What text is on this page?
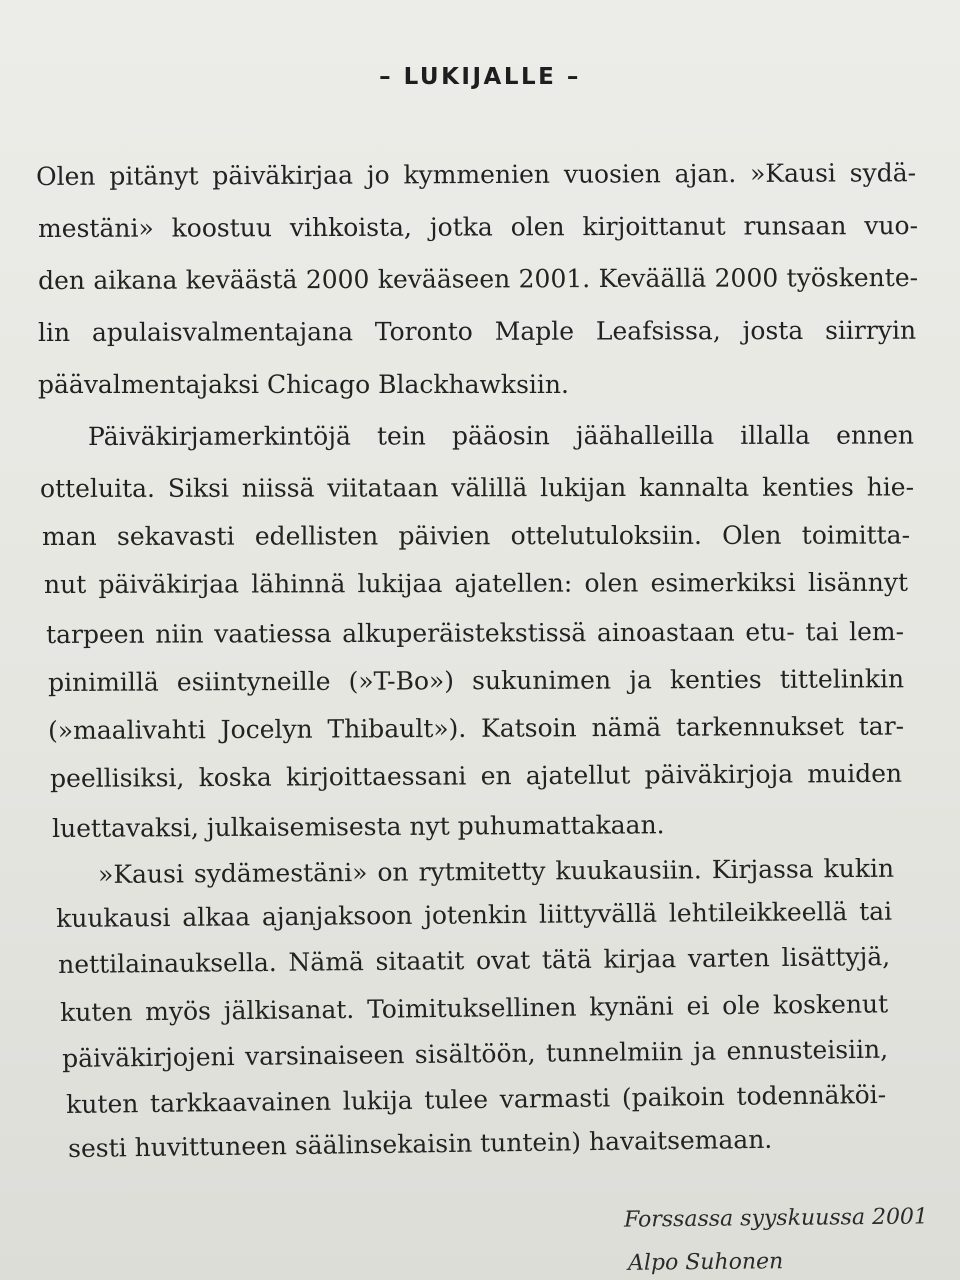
– LUKIJALLE –
Olen pitänyt päiväkirjaa jo kymmenien vuosien ajan. »Kausi sydä-
mestäni» koostuu vihkoista, jotka olen kirjoittanut runsaan vuo-
den aikana keväästä 2000 kevääseen 2001. Keväällä 2000 työskente-
lin apulaisvalmentajana Toronto Maple Leafsissa, josta siirryin
päävalmentajaksi Chicago Blackhawksiin.
Päiväkirjamerkintöjä tein pääosin jäähalleilla illalla ennen
otteluita. Siksi niissä viitataan välillä lukijan kannalta kenties hie-
man sekavasti edellisten päivien ottelutuloksiin. Olen toimitta-
nut päiväkirjaa lähinnä lukijaa ajatellen: olen esimerkiksi lisännyt
tarpeen niin vaatiessa alkuperäistekstissä ainoastaan etu- tai lem-
pinimillä esiintyneille (»T-Bo») sukunimen ja kenties tittelinkin
(»maalivahti Jocelyn Thibault»). Katsoin nämä tarkennukset tar-
peellisiksi, koska kirjoittaessani en ajatellut päiväkirjoja muiden
luettavaksi, julkaisemisesta nyt puhumattakaan.
»Kausi sydämestäni» on rytmitetty kuukausiin. Kirjassa kukin
kuukausi alkaa ajanjaksoon jotenkin liittyvällä lehtileikkeellä tai
nettilainauksella. Nämä sitaatit ovat tätä kirjaa varten lisättyjä,
kuten myös jälkisanat. Toimituksellinen kynäni ei ole koskenut
päiväkirjojeni varsinaiseen sisältöön, tunnelmiin ja ennusteisiin,
kuten tarkkaavainen lukija tulee varmasti (paikoin todennäköi-
sesti huvittuneen säälinsekaisin tuntein) havaitsemaan.
Forssassa syyskuussa 2001
Alpo Suhonen
